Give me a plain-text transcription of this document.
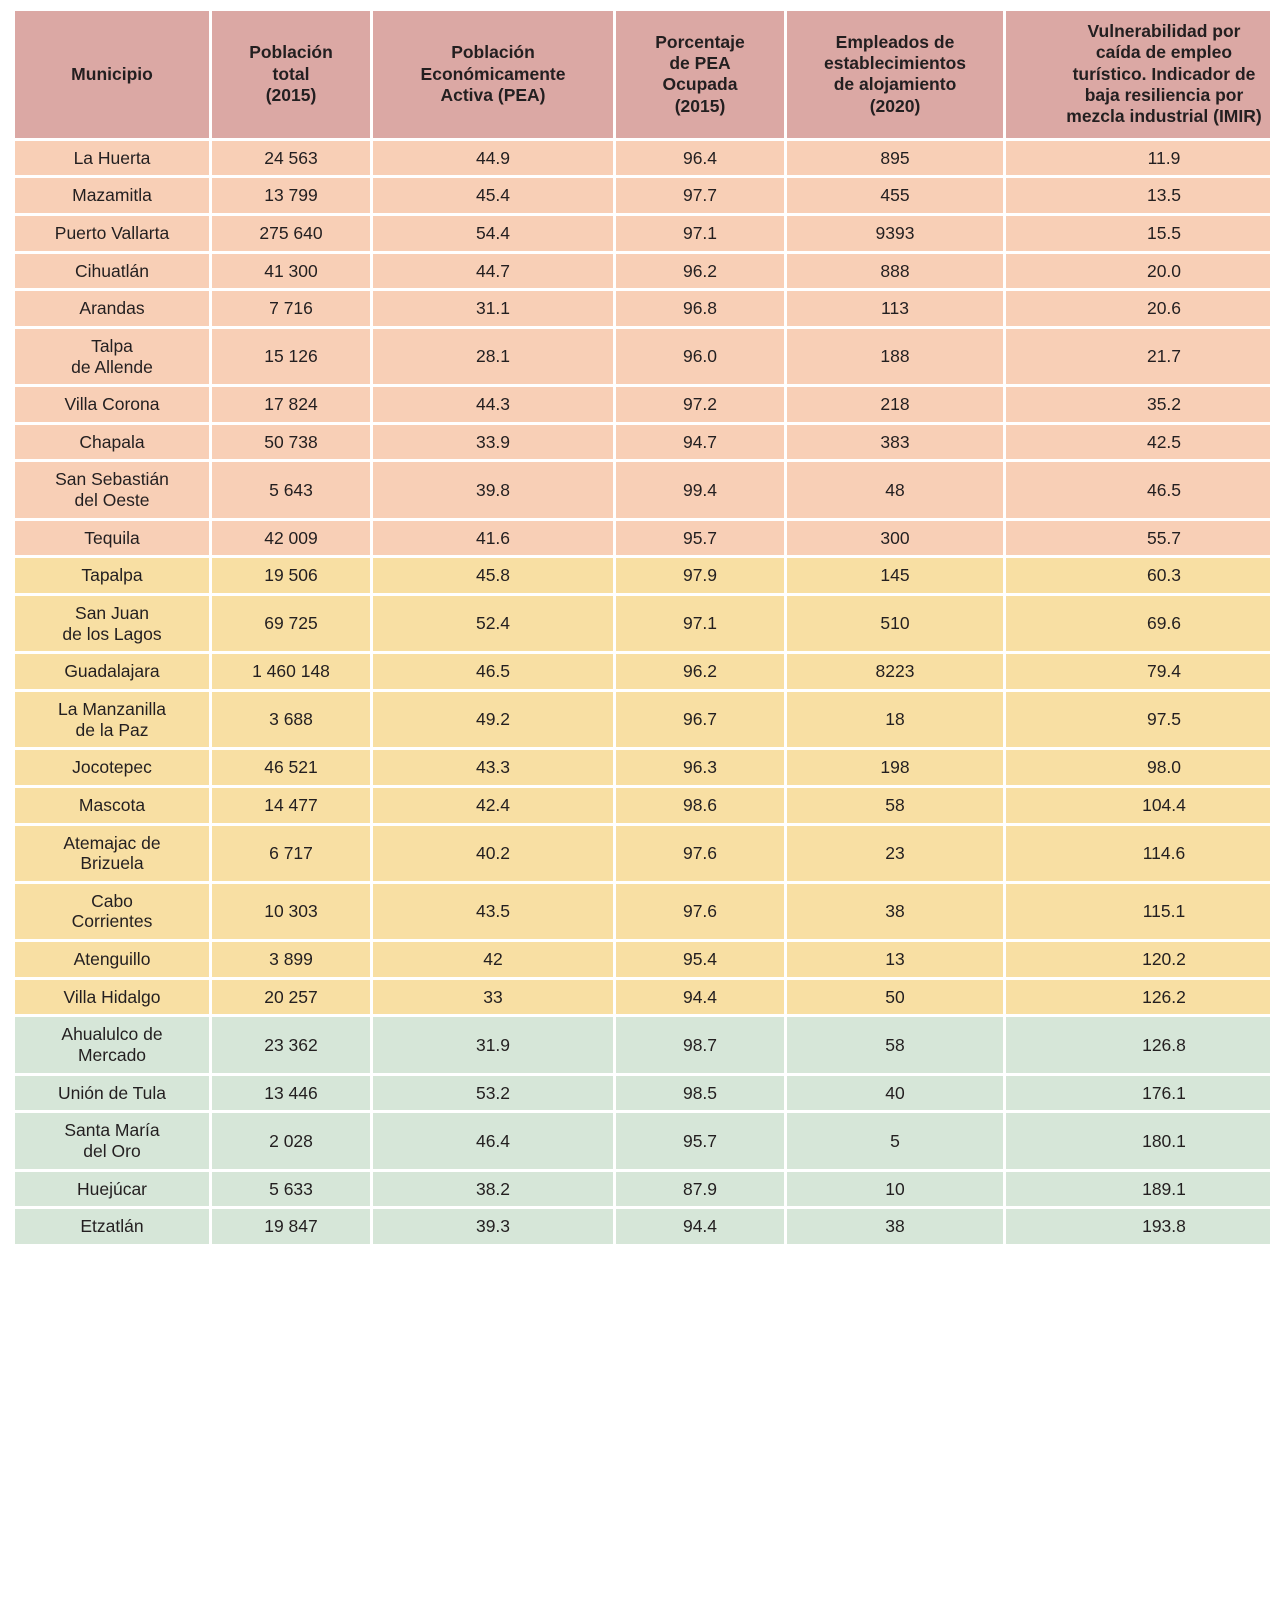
Municipio	Población
total
(2015)	Población
Económicamente
Activa (PEA)	Porcentaje
de PEA
Ocupada
(2015)	Empleados de
establecimientos
de alojamiento
(2020)	Vulnerabilidad por
caída de empleo
turístico. Indicador de
baja resiliencia por
mezcla industrial (IMIR)
La Huerta	24 563	44.9	96.4	895	11.9
Mazamitla	13 799	45.4	97.7	455	13.5
Puerto Vallarta	275 640	54.4	97.1	9393	15.5
Cihuatlán	41 300	44.7	96.2	888	20.0
Arandas	7 716	31.1	96.8	113	20.6
Talpa
de Allende	15 126	28.1	96.0	188	21.7
Villa Corona	17 824	44.3	97.2	218	35.2
Chapala	50 738	33.9	94.7	383	42.5
San Sebastián
del Oeste	5 643	39.8	99.4	48	46.5
Tequila	42 009	41.6	95.7	300	55.7
Tapalpa	19 506	45.8	97.9	145	60.3
San Juan
de los Lagos	69 725	52.4	97.1	510	69.6
Guadalajara	1 460 148	46.5	96.2	8223	79.4
La Manzanilla
de la Paz	3 688	49.2	96.7	18	97.5
Jocotepec	46 521	43.3	96.3	198	98.0
Mascota	14 477	42.4	98.6	58	104.4
Atemajac de
Brizuela	6 717	40.2	97.6	23	114.6
Cabo
Corrientes	10 303	43.5	97.6	38	115.1
Atenguillo	3 899	42	95.4	13	120.2
Villa Hidalgo	20 257	33	94.4	50	126.2
Ahualulco de
Mercado	23 362	31.9	98.7	58	126.8
Unión de Tula	13 446	53.2	98.5	40	176.1
Santa María
del Oro	2 028	46.4	95.7	5	180.1
Huejúcar	5 633	38.2	87.9	10	189.1
Etzatlán	19 847	39.3	94.4	38	193.8
